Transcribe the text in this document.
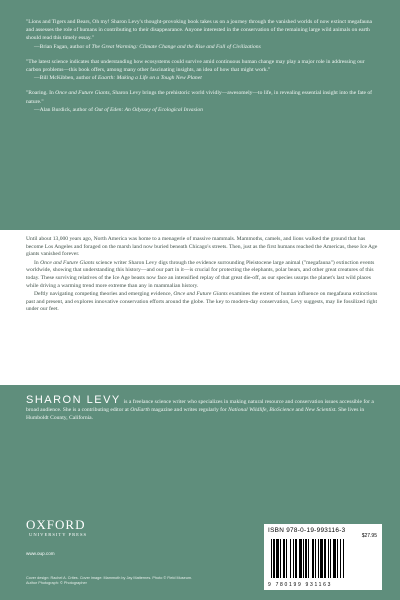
"Lions and Tigers and Bears, Oh my! Sharon Levy's thought-provoking book takes us on a journey through the vanished worlds of now extinct megafauna and assesses the role of humans in contributing to their disappearance. Anyone interested in the conservation of the remaining large wild animals on earth should read this timely essay."
—Brian Fagan, author of The Great Warming: Climate Change and the Rise and Fall of Civilizations
"The latest science indicates that understanding how ecosystems could survive amid continuous human change may play a major role in addressing our carbon problems—this book offers, among many other fascinating insights, an idea of how that might work."
—Bill McKibben, author of Eaarth: Making a Life on a Tough New Planet
"Roaring. In Once and Future Giants, Sharon Levy brings the prehistoric world vividly—awesomely—to life, in revealing essential insight into the fate of nature."
—Alan Burdick, author of Out of Eden: An Odyssey of Ecological Invasion

Until about 13,000 years ago, North America was home to a menagerie of massive mammals. Mammoths, camels, and lions walked the ground that has become Los Angeles and foraged on the marsh land now buried beneath Chicago's streets. Then, just as the first humans reached the Americas, these Ice Age giants vanished forever.

In Once and Future Giants science writer Sharon Levy digs through the evidence surrounding Pleistocene large animal ("megafauna") extinction events worldwide, showing that understanding this history—and our part in it—is crucial for protecting the elephants, polar bears, and other great creatures of this today. These surviving relatives of the Ice Age beasts now face an intensified replay of that great die-off, as our species usurps the planet's last wild places while driving a warming trend more extreme than any in mammalian history.

Deftly navigating competing theories and emerging evidence, Once and Future Giants examines the extent of human influence on megafauna extinctions past and present, and explores innovative conservation efforts around the globe. The key to modern-day conservation, Levy suggests, may lie fossilized right under our feet.

SHARON LEVY is a freelance science writer who specializes in making natural resource and conservation issues accessible for a broad audience. She is a contributing editor at OnEarth magazine and writes regularly for National Wildlife, BioScience and New Scientist. She lives in Humboldt County, California.
OXFORD
UNIVERSITY PRESS
www.oup.com
Cover design: Rachel A. Crites. Cover image: Mammoth by Jay Matternes. Photo © Field Museum.
Author Photograph: © Photographer
ISBN 978-0-19-993116-3
$27.95
9 780199 931163
